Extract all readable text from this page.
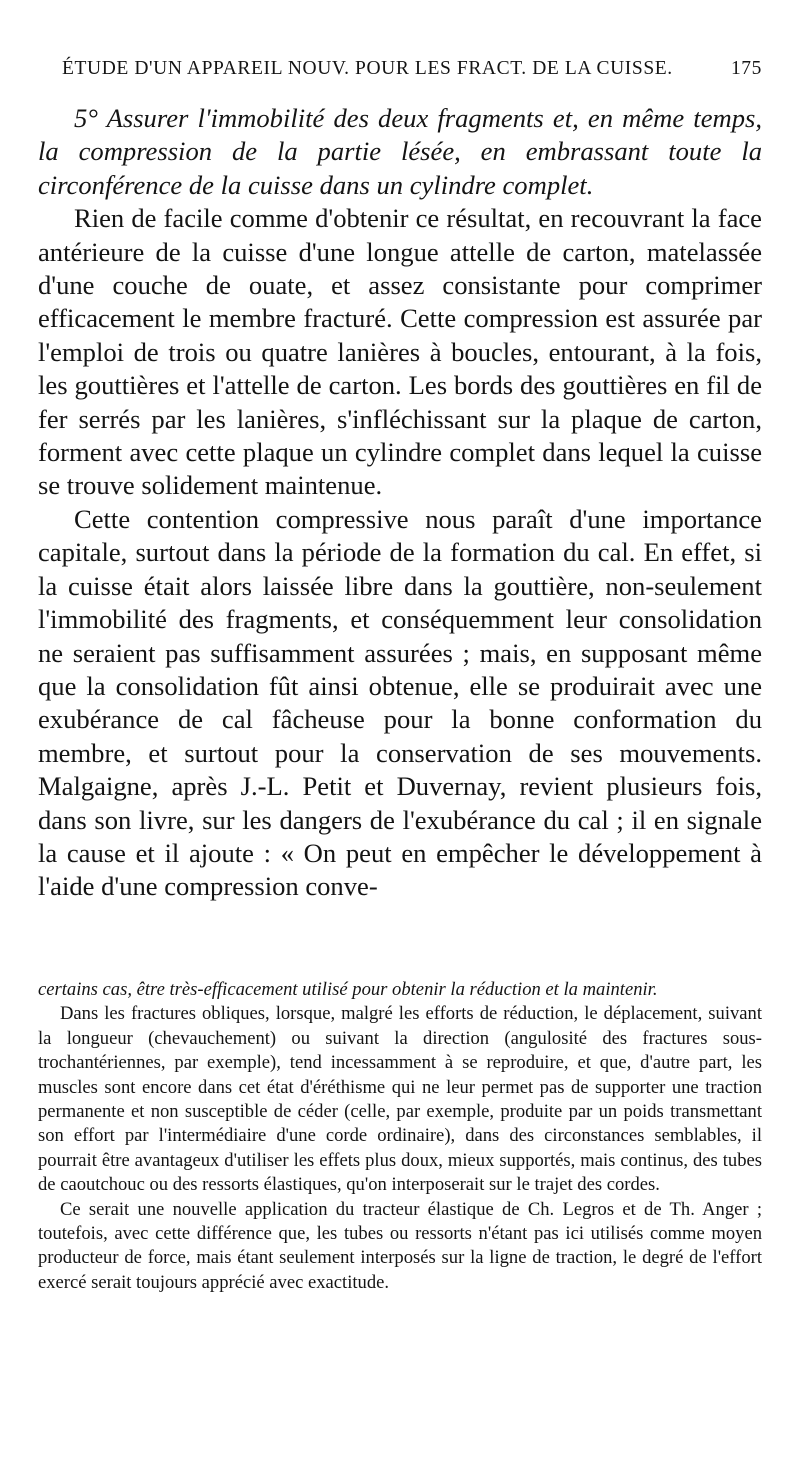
ÉTUDE D'UN APPAREIL NOUV. POUR LES FRACT. DE LA CUISSE.	175

5° Assurer l'immobilité des deux fragments et, en même temps, la compression de la partie lésée, en embrassant toute la circonférence de la cuisse dans un cylindre complet.

Rien de facile comme d'obtenir ce résultat, en recouvrant la face antérieure de la cuisse d'une longue attelle de carton, matelassée d'une couche de ouate, et assez consistante pour comprimer efficacement le membre fracturé. Cette compression est assurée par l'emploi de trois ou quatre lanières à boucles, entourant, à la fois, les gouttières et l'attelle de carton. Les bords des gouttières en fil de fer serrés par les lanières, s'infléchissant sur la plaque de carton, forment avec cette plaque un cylindre complet dans lequel la cuisse se trouve solidement maintenue.

Cette contention compressive nous paraît d'une importance capitale, surtout dans la période de la formation du cal. En effet, si la cuisse était alors laissée libre dans la gouttière, non-seulement l'immobilité des fragments, et conséquemment leur consolidation ne seraient pas suffisamment assurées ; mais, en supposant même que la consolidation fût ainsi obtenue, elle se produirait avec une exubérance de cal fâcheuse pour la bonne conformation du membre, et surtout pour la conservation de ses mouvements. Malgaigne, après J.-L. Petit et Duvernay, revient plusieurs fois, dans son livre, sur les dangers de l'exubérance du cal ; il en signale la cause et il ajoute : « On peut en empêcher le développement à l'aide d'une compression conve-

certains cas, être très-efficacement utilisé pour obtenir la réduction et la maintenir.

Dans les fractures obliques, lorsque, malgré les efforts de réduction, le déplacement, suivant la longueur (chevauchement) ou suivant la direction (angulosité des fractures sous-trochantériennes, par exemple), tend incessamment à se reproduire, et que, d'autre part, les muscles sont encore dans cet état d'éréthisme qui ne leur permet pas de supporter une traction permanente et non susceptible de céder (celle, par exemple, produite par un poids transmettant son effort par l'intermédiaire d'une corde ordinaire), dans des circonstances semblables, il pourrait être avantageux d'utiliser les effets plus doux, mieux supportés, mais continus, des tubes de caoutchouc ou des ressorts élastiques, qu'on interposerait sur le trajet des cordes.

Ce serait une nouvelle application du tracteur élastique de Ch. Legros et de Th. Anger ; toutefois, avec cette différence que, les tubes ou ressorts n'étant pas ici utilisés comme moyen producteur de force, mais étant seulement interposés sur la ligne de traction, le degré de l'effort exercé serait toujours apprécié avec exactitude.
